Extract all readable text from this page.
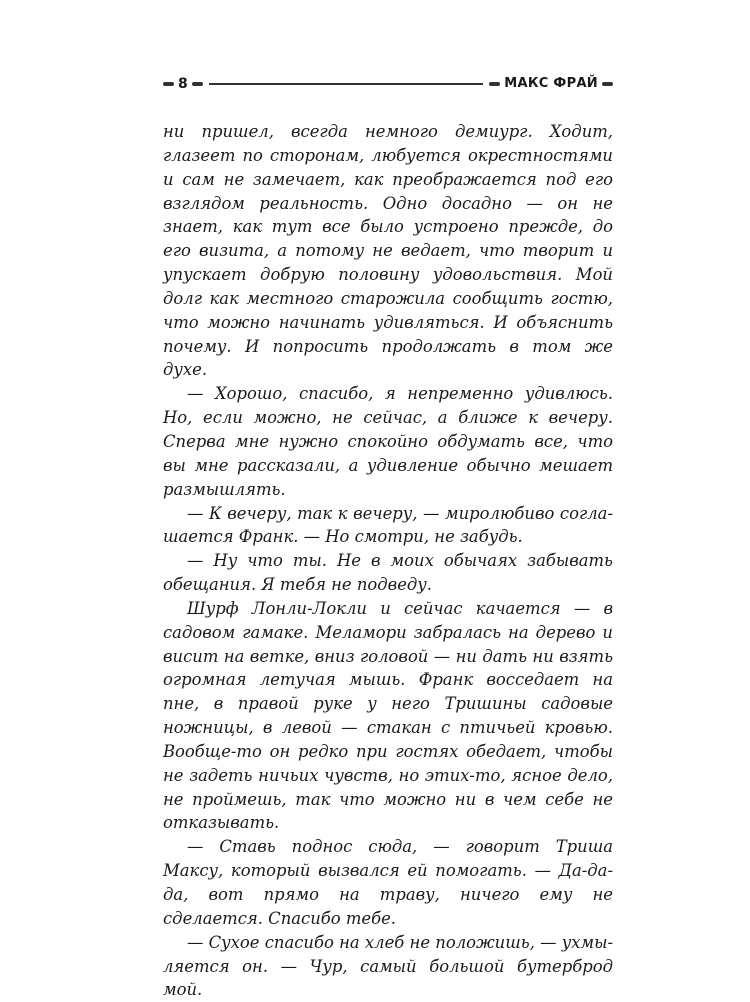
8	МАКС ФРАЙ

ни пришел, всегда немного демиург. Ходит, глазеет по сторонам, любуется окрестностями и сам не замечает, как преображается под его взглядом реальность. Одно досадно — он не знает, как тут все было устроено прежде, до его визита, а потому не ведает, что творит и упускает добрую половину удовольствия. Мой долг как местного старожила сообщить гостю, что можно начинать удивляться. И объяснить почему. И попросить продолжать в том же духе.

— Хорошо, спасибо, я непременно удивлюсь. Но, если можно, не сейчас, а ближе к вечеру. Сперва мне нужно спокойно обдумать все, что вы мне рассказали, а удивление обычно мешает размышлять.

— К вечеру, так к вечеру, — миролюбиво соглашается Франк. — Но смотри, не забудь.

— Ну что ты. Не в моих обычаях забывать обещания. Я тебя не подведу.

Шурф Лонли-Локли и сейчас качается — в садовом гамаке. Меламори забралась на дерево и висит на ветке, вниз головой — ни дать ни взять огромная летучая мышь. Франк восседает на пне, в правой руке у него Тришины садовые ножницы, в левой — стакан с птичьей кровью. Вообще-то он редко при гостях обедает, чтобы не задеть ничьих чувств, но этих-то, ясное дело, не проймешь, так что можно ни в чем себе не отказывать.

— Ставь поднос сюда, — говорит Триша Максу, который вызвался ей помогать. — Да-да-да, вот прямо на траву, ничего ему не сделается. Спасибо тебе.

— Сухое спасибо на хлеб не положишь, — ухмыляется он. — Чур, самый большой бутерброд мой.
